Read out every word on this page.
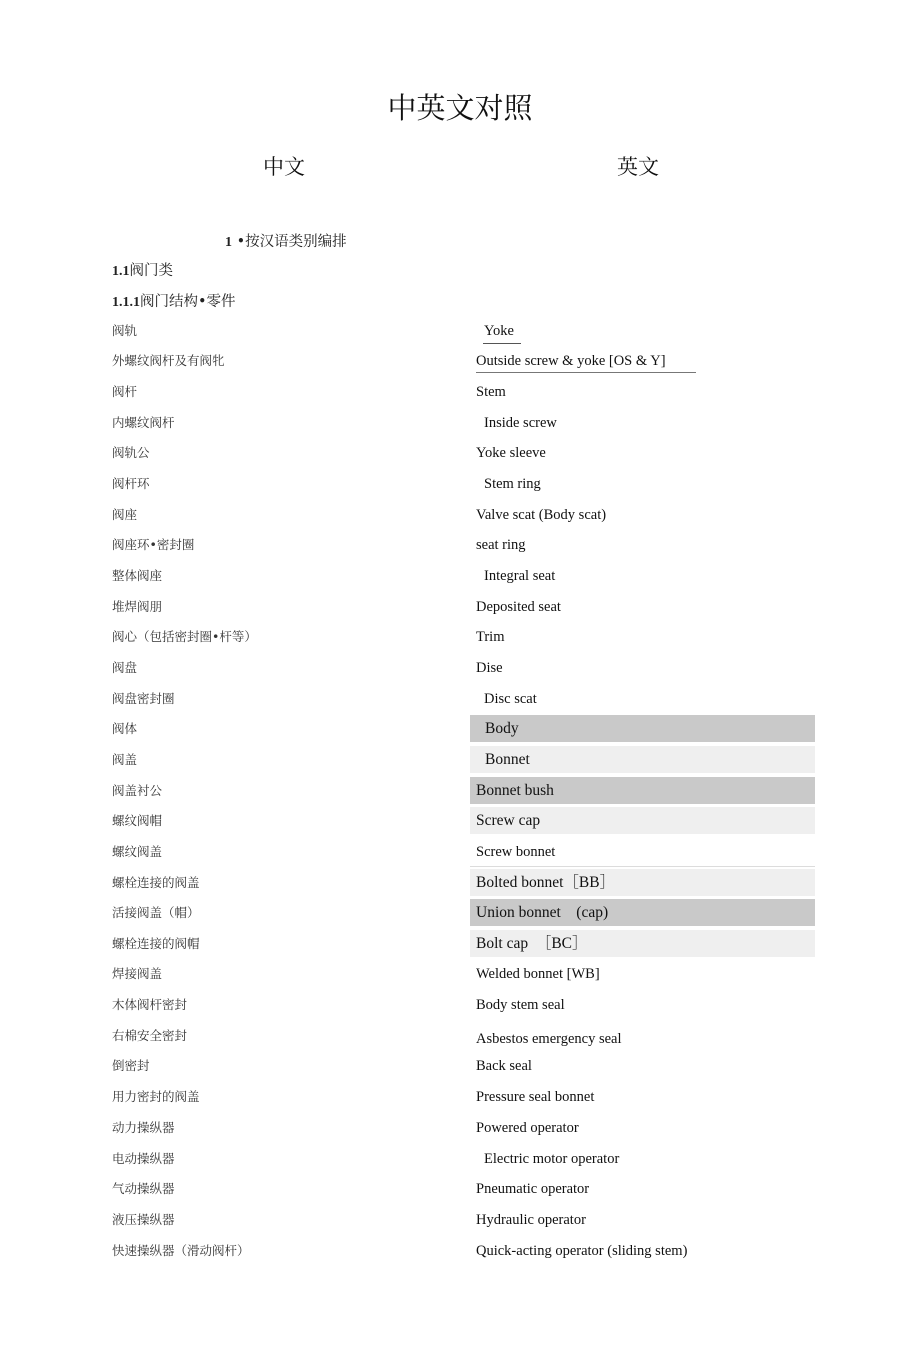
中英文对照
中文	英文
1 •按汉语类别编排
1.1阀门类
1.1.1阀门结构•零件
阀轨	Yoke
外螺纹阀杆及有阀牝	Outside screw & yoke [OS & Y]
阀杆	Stem
内螺纹阀杆	Inside screw
阀轨公	Yoke sleeve
阀杆环	Stem ring
阀座	Valve scat (Body scat)
阀座环•密封圈	seat ring
整体阀座	Integral seat
堆焊阀朋	Deposited seat
阀心（包括密封圈•杆等）	Trim
阀盘	Dise
阀盘密封圈	Disc scat
阀体	Body
阀盖	Bonnet
阀盖衬公	Bonnet bush
螺纹阀帽	Screw cap
螺纹阀盖	Screw bonnet
螺栓连接的阀盖	Bolted bonnet［BB］
活接阀盖（帽）	Union bonnet　(cap)
螺栓连接的阀帽	Bolt cap　［BC］
焊接阀盖	Welded bonnet [WB]
木体阀杆密封	Body stem seal
右棉安全密封	Asbestos emergency seal
倒密封	Back seal
用力密封的阀盖	Pressure seal bonnet
动力操纵器	Powered operator
电动操纵器	Electric motor operator
气动操纵器	Pneumatic operator
液压操纵器	Hydraulic operator
快速操纵器（滑动阀杆）	Quick-acting operator (sliding stem)
